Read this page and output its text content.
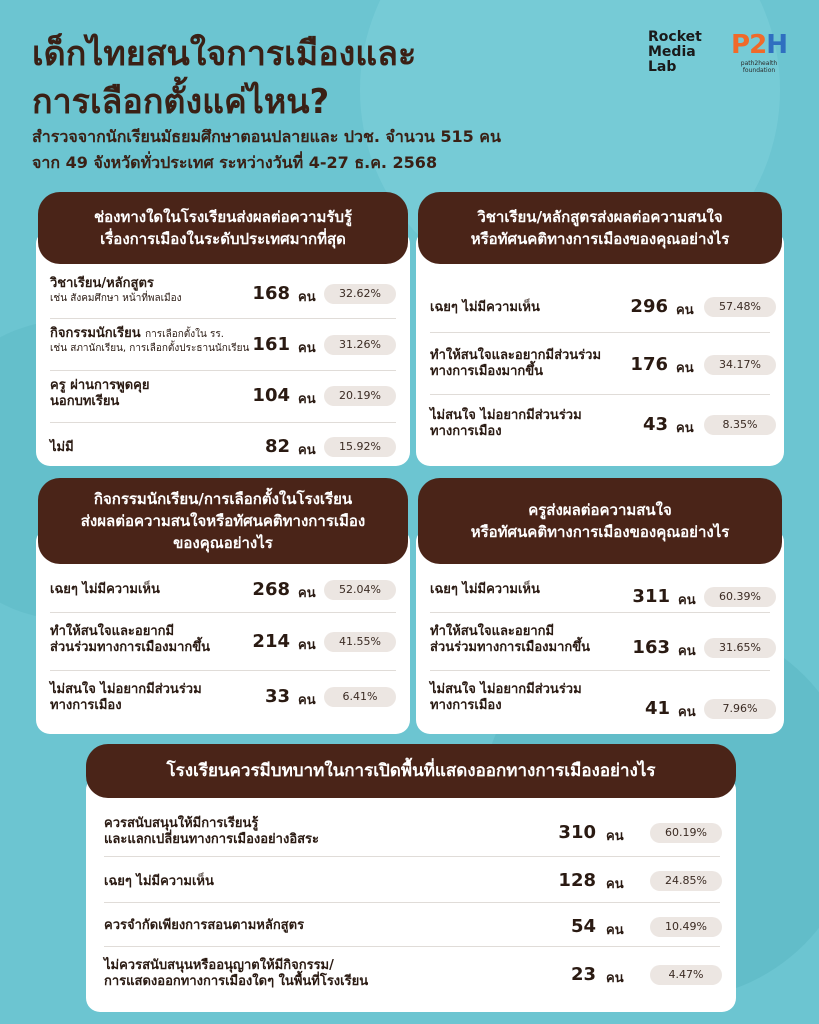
เด็กไทยสนใจการเมืองและ
การเลือกตั้งแค่ไหน?
สำรวจจากนักเรียนมัธยมศึกษาตอนปลายและ ปวช. จำนวน 515 คน
จาก 49 จังหวัดทั่วประเทศ ระหว่างวันที่ 4-27 ธ.ค. 2568
Rocket
Media
Lab
P2H
path2health foundation
ช่องทางใดในโรงเรียนส่งผลต่อความรับรู้
เรื่องการเมืองในระดับประเทศมากที่สุด
วิชาเรียน/หลักสูตร
เช่น สังคมศึกษา หน้าที่พลเมือง	168 คน	32.62%
กิจกรรมนักเรียน การเลือกตั้งใน รร.
เช่น สภานักเรียน, การเลือกตั้งประธานนักเรียน 161 คน	31.26%
ครู ผ่านการพูดคุย
นอกบทเรียน	104 คน	20.19%
ไม่มี	82 คน	15.92%
วิชาเรียน/หลักสูตรส่งผลต่อความสนใจ
หรือทัศนคติทางการเมืองของคุณอย่างไร
เฉยๆ ไม่มีความเห็น	296 คน	57.48%
ทำให้สนใจและอยากมีส่วนร่วม
ทางการเมืองมากขึ้น	176 คน	34.17%
ไม่สนใจ ไม่อยากมีส่วนร่วม
ทางการเมือง	43 คน	8.35%
กิจกรรมนักเรียน/การเลือกตั้งในโรงเรียน
ส่งผลต่อความสนใจหรือทัศนคติทางการเมือง
ของคุณอย่างไร
เฉยๆ ไม่มีความเห็น	268 คน	52.04%
ทำให้สนใจและอยากมี
ส่วนร่วมทางการเมืองมากขึ้น	214 คน	41.55%
ไม่สนใจ ไม่อยากมีส่วนร่วม
ทางการเมือง	33 คน	6.41%
ครูส่งผลต่อความสนใจ
หรือทัศนคติทางการเมืองของคุณอย่างไร
เฉยๆ ไม่มีความเห็น	311 คน	60.39%
ทำให้สนใจและอยากมี
ส่วนร่วมทางการเมืองมากขึ้น	163 คน	31.65%
ไม่สนใจ ไม่อยากมีส่วนร่วม
ทางการเมือง	41 คน	7.96%
โรงเรียนควรมีบทบาทในการเปิดพื้นที่แสดงออกทางการเมืองอย่างไร
ควรสนับสนุนให้มีการเรียนรู้
และแลกเปลี่ยนทางการเมืองอย่างอิสระ	310 คน	60.19%
เฉยๆ ไม่มีความเห็น	128 คน	24.85%
ควรจำกัดเพียงการสอนตามหลักสูตร	54 คน	10.49%
ไม่ควรสนับสนุนหรืออนุญาตให้มีกิจกรรม/
การแสดงออกทางการเมืองใดๆ ในพื้นที่โรงเรียน	23 คน	4.47%
